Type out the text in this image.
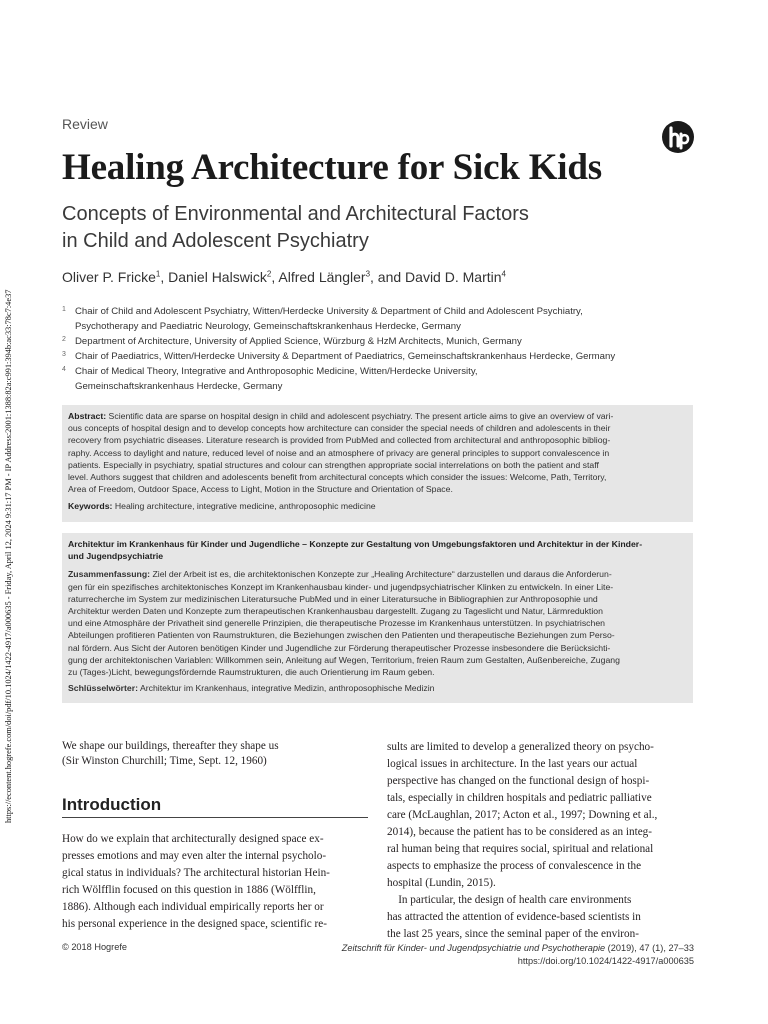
https://econtent.hogrefe.com/doi/pdf/10.1024/1422-4917/a000635 - Friday, April 12, 2024 9:31:17 PM - IP Address:2001:1388:82a:c991:394b:ac33:78c7:4e37
Review
Healing Architecture for Sick Kids
Concepts of Environmental and Architectural Factors
in Child and Adolescent Psychiatry
Oliver P. Fricke$^1$, Daniel Halswick$^2$, Alfred Längler$^3$, and David D. Martin$^4$
1 Chair of Child and Adolescent Psychiatry, Witten/Herdecke University & Department of Child and Adolescent Psychiatry,
Psychotherapy and Paediatric Neurology, Gemeinschaftskrankenhaus Herdecke, Germany
2 Department of Architecture, University of Applied Science, Würzburg & HzM Architects, Munich, Germany
3 Chair of Paediatrics, Witten/Herdecke University & Department of Paediatrics, Gemeinschaftskrankenhaus Herdecke, Germany
4 Chair of Medical Theory, Integrative and Anthroposophic Medicine, Witten/Herdecke University,
Gemeinschaftskrankenhaus Herdecke, Germany
Abstract: Scientific data are sparse on hospital design in child and adolescent psychiatry. The present article aims to give an overview of vari-
ous concepts of hospital design and to develop concepts how architecture can consider the special needs of children and adolescents in their
recovery from psychiatric diseases. Literature research is provided from PubMed and collected from architectural and anthroposophic bibliog-
raphy. Access to daylight and nature, reduced level of noise and an atmosphere of privacy are general principles to support convalescence in
patients. Especially in psychiatry, spatial structures and colour can strengthen appropriate social interrelations on both the patient and staff
level. Authors suggest that children and adolescents benefit from architectural concepts which consider the issues: Welcome, Path, Territory,
Area of Freedom, Outdoor Space, Access to Light, Motion in the Structure and Orientation of Space.
Keywords: Healing architecture, integrative medicine, anthroposophic medicine
Architektur im Krankenhaus für Kinder und Jugendliche – Konzepte zur Gestaltung von Umgebungsfaktoren und Architektur in der Kinder-
und Jugendpsychiatrie
Zusammenfassung: Ziel der Arbeit ist es, die architektonischen Konzepte zur „Healing Architecture“ darzustellen und daraus die Anforderun-
gen für ein spezifisches architektonisches Konzept im Krankenhausbau kinder- und jugendpsychiatrischer Klinken zu entwickeln. In einer Lite-
raturrecherche im System zur medizinischen Literatursuche PubMed und in einer Literatursuche in Bibliographien zur Anthroposophie und
Architektur werden Daten und Konzepte zum therapeutischen Krankenhausbau dargestellt. Zugang zu Tageslicht und Natur, Lärmreduktion
und eine Atmosphäre der Privatheit sind generelle Prinzipien, die therapeutische Prozesse im Krankenhaus unterstützen. In psychiatrischen
Abteilungen profitieren Patienten von Raumstrukturen, die Beziehungen zwischen den Patienten und therapeutische Beziehungen zum Perso-
nal fördern. Aus Sicht der Autoren benötigen Kinder und Jugendliche zur Förderung therapeutischer Prozesse insbesondere die Berücksichti-
gung der architektonischen Variablen: Willkommen sein, Anleitung auf Wegen, Territorium, freien Raum zum Gestalten, Außenbereiche, Zugang
zu (Tages-)Licht, bewegungsfördernde Raumstrukturen, die auch Orientierung im Raum geben.
Schlüsselwörter: Architektur im Krankenhaus, integrative Medizin, anthroposophische Medizin
We shape our buildings, thereafter they shape us
(Sir Winston Churchill; Time, Sept. 12, 1960)
Introduction
How do we explain that architecturally designed space ex-
presses emotions and may even alter the internal psycholo-
gical status in individuals? The architectural historian Hein-
rich Wölfflin focused on this question in 1886 (Wölfflin,
1886). Although each individual empirically reports her or
his personal experience in the designed space, scientific re-
sults are limited to develop a generalized theory on psycho-
logical issues in architecture. In the last years our actual
perspective has changed on the functional design of hospi-
tals, especially in children hospitals and pediatric palliative
care (McLaughlan, 2017; Acton et al., 1997; Downing et al.,
2014), because the patient has to be considered as an integ-
ral human being that requires social, spiritual and relational
aspects to emphasize the process of convalescence in the
hospital (Lundin, 2015).
In particular, the design of health care environments
has attracted the attention of evidence-based scientists in
the last 25 years, since the seminal paper of the environ-
© 2018 Hogrefe	Zeitschrift für Kinder- und Jugendpsychiatrie und Psychotherapie (2019), 47 (1), 27–33
https://doi.org/10.1024/1422-4917/a000635
